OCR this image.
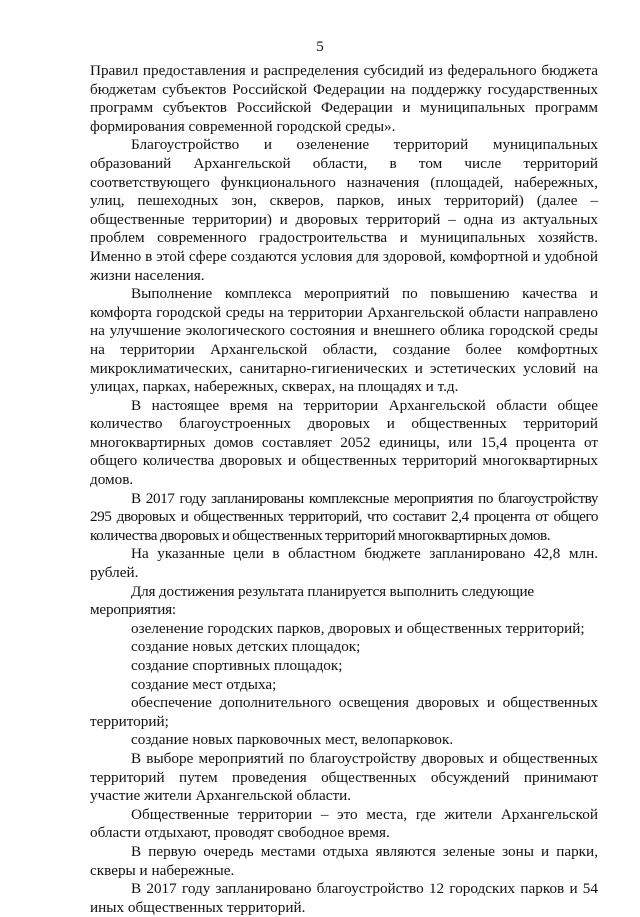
5

Правил предоставления и распределения субсидий из федерального бюджета бюджетам субъектов Российской Федерации на поддержку государственных программ субъектов Российской Федерации и муниципальных программ формирования современной городской среды».

Благоустройство и озеленение территорий муниципальных образований Архангельской области, в том числе территорий соответствующего функционального назначения (площадей, набережных, улиц, пешеходных зон, скверов, парков, иных территорий) (далее – общественные территории) и дворовых территорий – одна из актуальных проблем современного градостроительства и муниципальных хозяйств. Именно в этой сфере создаются условия для здоровой, комфортной и удобной жизни населения.

Выполнение комплекса мероприятий по повышению качества и комфорта городской среды на территории Архангельской области направлено на улучшение экологического состояния и внешнего облика городской среды на территории Архангельской области, создание более комфортных микроклиматических, санитарно-гигиенических и эстетических условий на улицах, парках, набережных, скверах, на площадях и т.д.

В настоящее время на территории Архангельской области общее количество благоустроенных дворовых и общественных территорий многоквартирных домов составляет 2052 единицы, или 15,4 процента от общего количества дворовых и общественных территорий многоквартирных домов.

В 2017 году запланированы комплексные мероприятия по благоустройству 295 дворовых и общественных территорий, что составит 2,4 процента от общего количества дворовых и общественных территорий многоквартирных домов.

На указанные цели в областном бюджете запланировано 42,8 млн. рублей.

Для достижения результата планируется выполнить следующие мероприятия:

озеленение городских парков, дворовых и общественных территорий;

создание новых детских площадок;

создание спортивных площадок;

создание мест отдыха;

обеспечение дополнительного освещения дворовых и общественных территорий;

создание новых парковочных мест, велопарковок.

В выборе мероприятий по благоустройству дворовых и общественных территорий путем проведения общественных обсуждений принимают участие жители Архангельской области.

Общественные территории – это места, где жители Архангельской области отдыхают, проводят свободное время.

В первую очередь местами отдыха являются зеленые зоны и парки, скверы и набережные.

В 2017 году запланировано благоустройство 12 городских парков и 54 иных общественных территорий.
